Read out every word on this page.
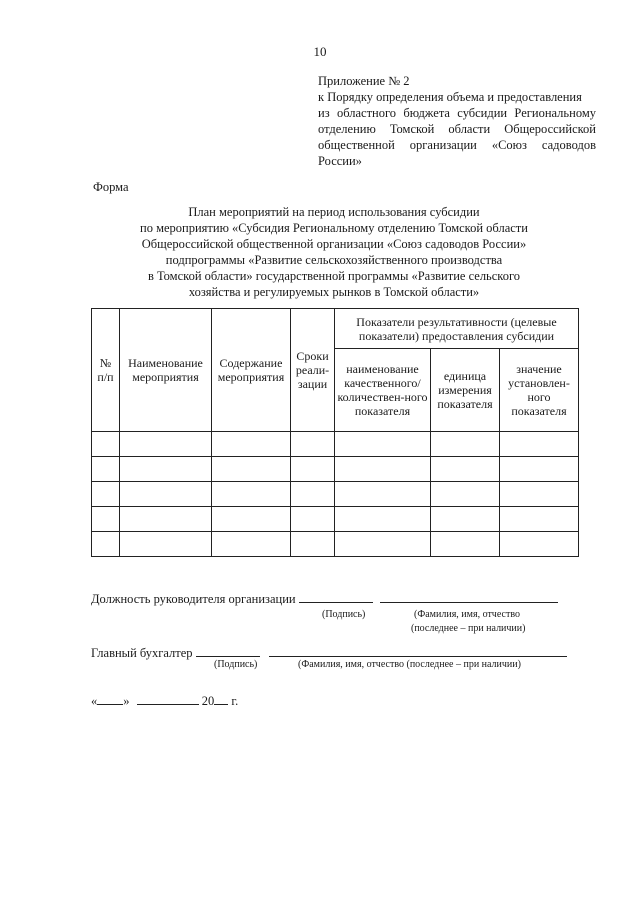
10
Приложение № 2
к Порядку определения объема и предоставления
из областного бюджета субсидии Региональному
отделению Томской области Общероссийской
общественной организации «Союз садоводов
России»
Форма
План мероприятий на период использования субсидии
по мероприятию «Субсидия Региональному отделению Томской области
Общероссийской общественной организации «Союз садоводов России»
подпрограммы «Развитие сельскохозяйственного производства
в Томской области» государственной программы «Развитие сельского
хозяйства и регулируемых рынков в Томской области»
№ п/п	Наименование мероприятия	Содержание мероприятия	Сроки реали-зации	Показатели результативности (целевые показатели) предоставления субсидии		
				наименование качественного/ количествен-ного показателя	единица измерения показателя	значение установлен-ного показателя

Должность руководителя организации
(Подпись)	(Фамилия, имя, отчество
(последнее – при наличии)
Главный бухгалтер
(Подпись)	(Фамилия, имя, отчество (последнее – при наличии)
« »	20 г.
